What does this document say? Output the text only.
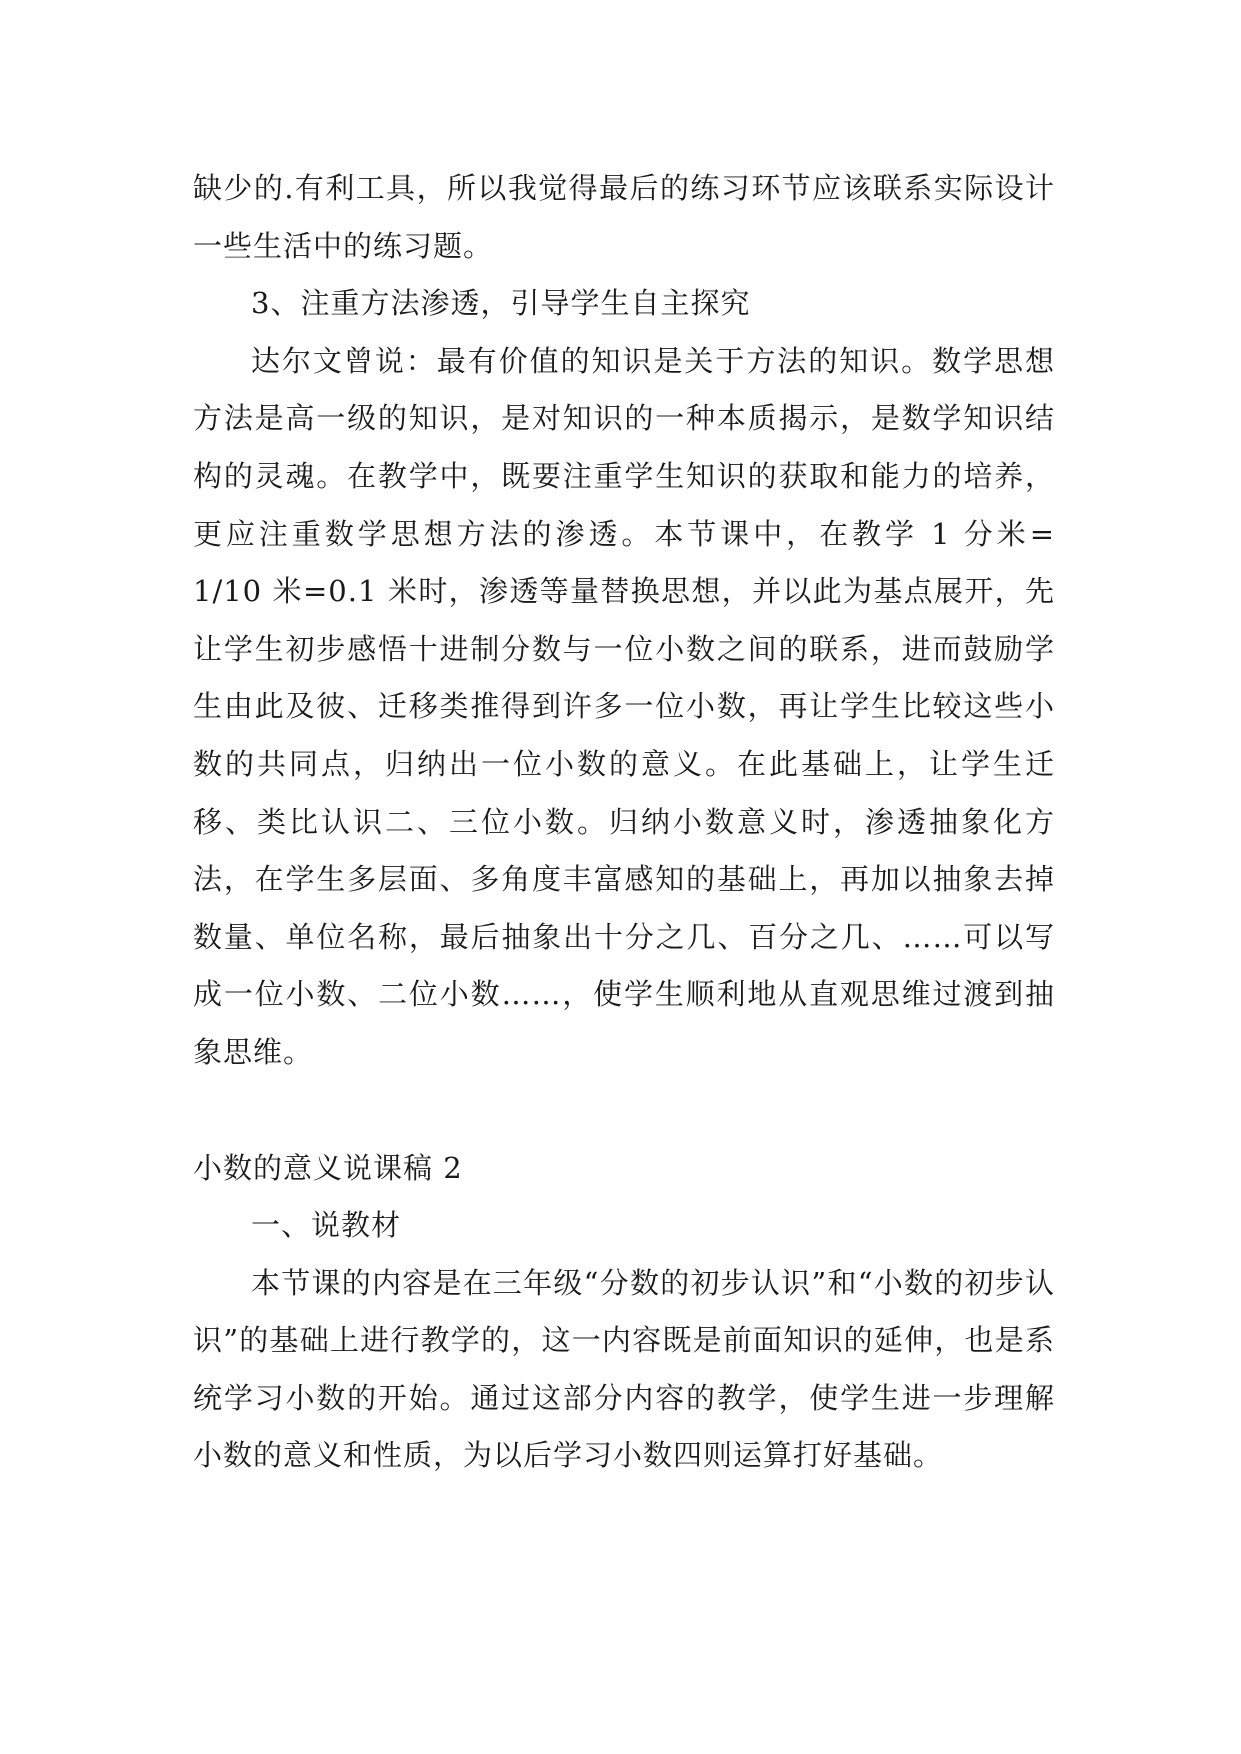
缺少的.有利工具，所以我觉得最后的练习环节应该联系实际设计一些生活中的练习题。

3、注重方法渗透，引导学生自主探究

达尔文曾说：最有价值的知识是关于方法的知识。数学思想方法是高一级的知识，是对知识的一种本质揭示，是数学知识结构的灵魂。在教学中，既要注重学生知识的获取和能力的培养，更应注重数学思想方法的渗透。本节课中，在教学 1 分米= 1/10 米=0.1 米时，渗透等量替换思想，并以此为基点展开，先让学生初步感悟十进制分数与一位小数之间的联系，进而鼓励学生由此及彼、迁移类推得到许多一位小数，再让学生比较这些小数的共同点，归纳出一位小数的意义。在此基础上，让学生迁移、类比认识二、三位小数。归纳小数意义时，渗透抽象化方法，在学生多层面、多角度丰富感知的基础上，再加以抽象去掉数量、单位名称，最后抽象出十分之几、百分之几、……可以写成一位小数、二位小数……，使学生顺利地从直观思维过渡到抽象思维。

小数的意义说课稿 2

一、说教材

本节课的内容是在三年级“分数的初步认识”和“小数的初步认识”的基础上进行教学的，这一内容既是前面知识的延伸，也是系统学习小数的开始。通过这部分内容的教学，使学生进一步理解小数的意义和性质，为以后学习小数四则运算打好基础。
